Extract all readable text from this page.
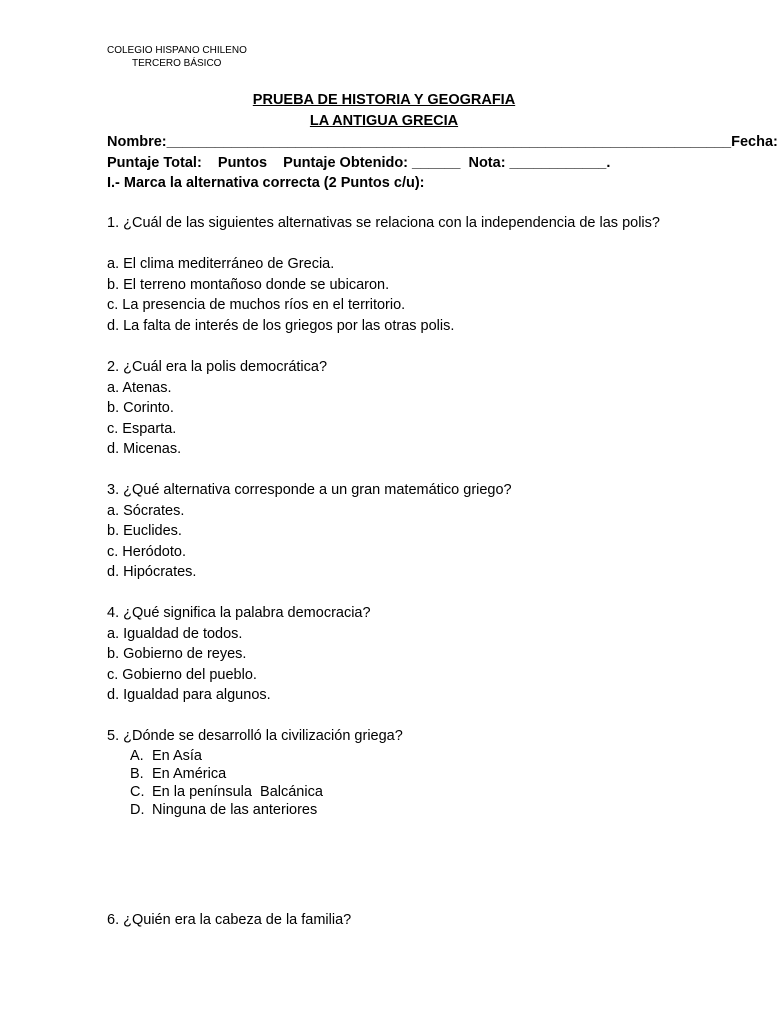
COLEGIO HISPANO CHILENO
TERCERO BÁSICO
PRUEBA DE HISTORIA Y GEOGRAFIA
LA ANTIGUA GRECIA
Nombre: ______________________________________________________________________ Fecha:
Puntaje Total:    Puntos    Puntaje Obtenido: ______  Nota: ____________.
I.- Marca la alternativa correcta (2 Puntos c/u):
1. ¿Cuál de las siguientes alternativas se relaciona con la independencia de las polis?
a. El clima mediterráneo de Grecia.
b. El terreno montañoso donde se ubicaron.
c. La presencia de muchos ríos en el territorio.
d. La falta de interés de los griegos por las otras polis.
2. ¿Cuál era la polis democrática?
a. Atenas.
b. Corinto.
c. Esparta.
d. Micenas.
3. ¿Qué alternativa corresponde a un gran matemático griego?
a. Sócrates.
b. Euclides.
c. Heródoto.
d. Hipócrates.
4. ¿Qué significa la palabra democracia?
a. Igualdad de todos.
b. Gobierno de reyes.
c. Gobierno del pueblo.
d. Igualdad para algunos.
5. ¿Dónde se desarrolló la civilización griega?
A. En Asía
B. En América
C. En la península  Balcánica
D. Ninguna de las anteriores
6. ¿Quién era la cabeza de la familia?
